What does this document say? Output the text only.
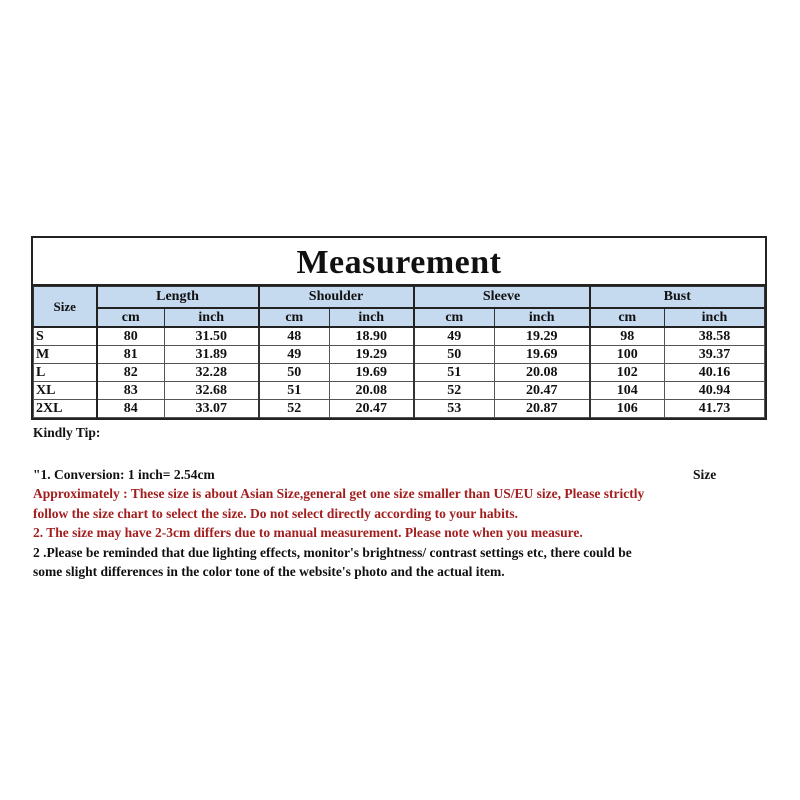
Measurement
Size	Length		Shoulder		Sleeve		Bust	
	cm	inch	cm	inch	cm	inch	cm	inch
S	80	31.50	48	18.90	49	19.29	98	38.58
M	81	31.89	49	19.29	50	19.69	100	39.37
L	82	32.28	50	19.69	51	20.08	102	40.16
XL	83	32.68	51	20.08	52	20.47	104	40.94
2XL	84	33.07	52	20.47	53	20.87	106	41.73
Kindly Tip:
"1. Conversion: 1 inch= 2.54cm	Size
Approximately : These size is about Asian Size,general get one size smaller than US/EU size, Please strictly
follow the size chart to select the size. Do not select directly according to your habits.
2. The size may have 2-3cm differs due to manual measurement. Please note when you measure.
2 .Please be reminded that due lighting effects, monitor's brightness/ contrast settings etc, there could be
some slight differences in the color tone of the website's photo and the actual item.
